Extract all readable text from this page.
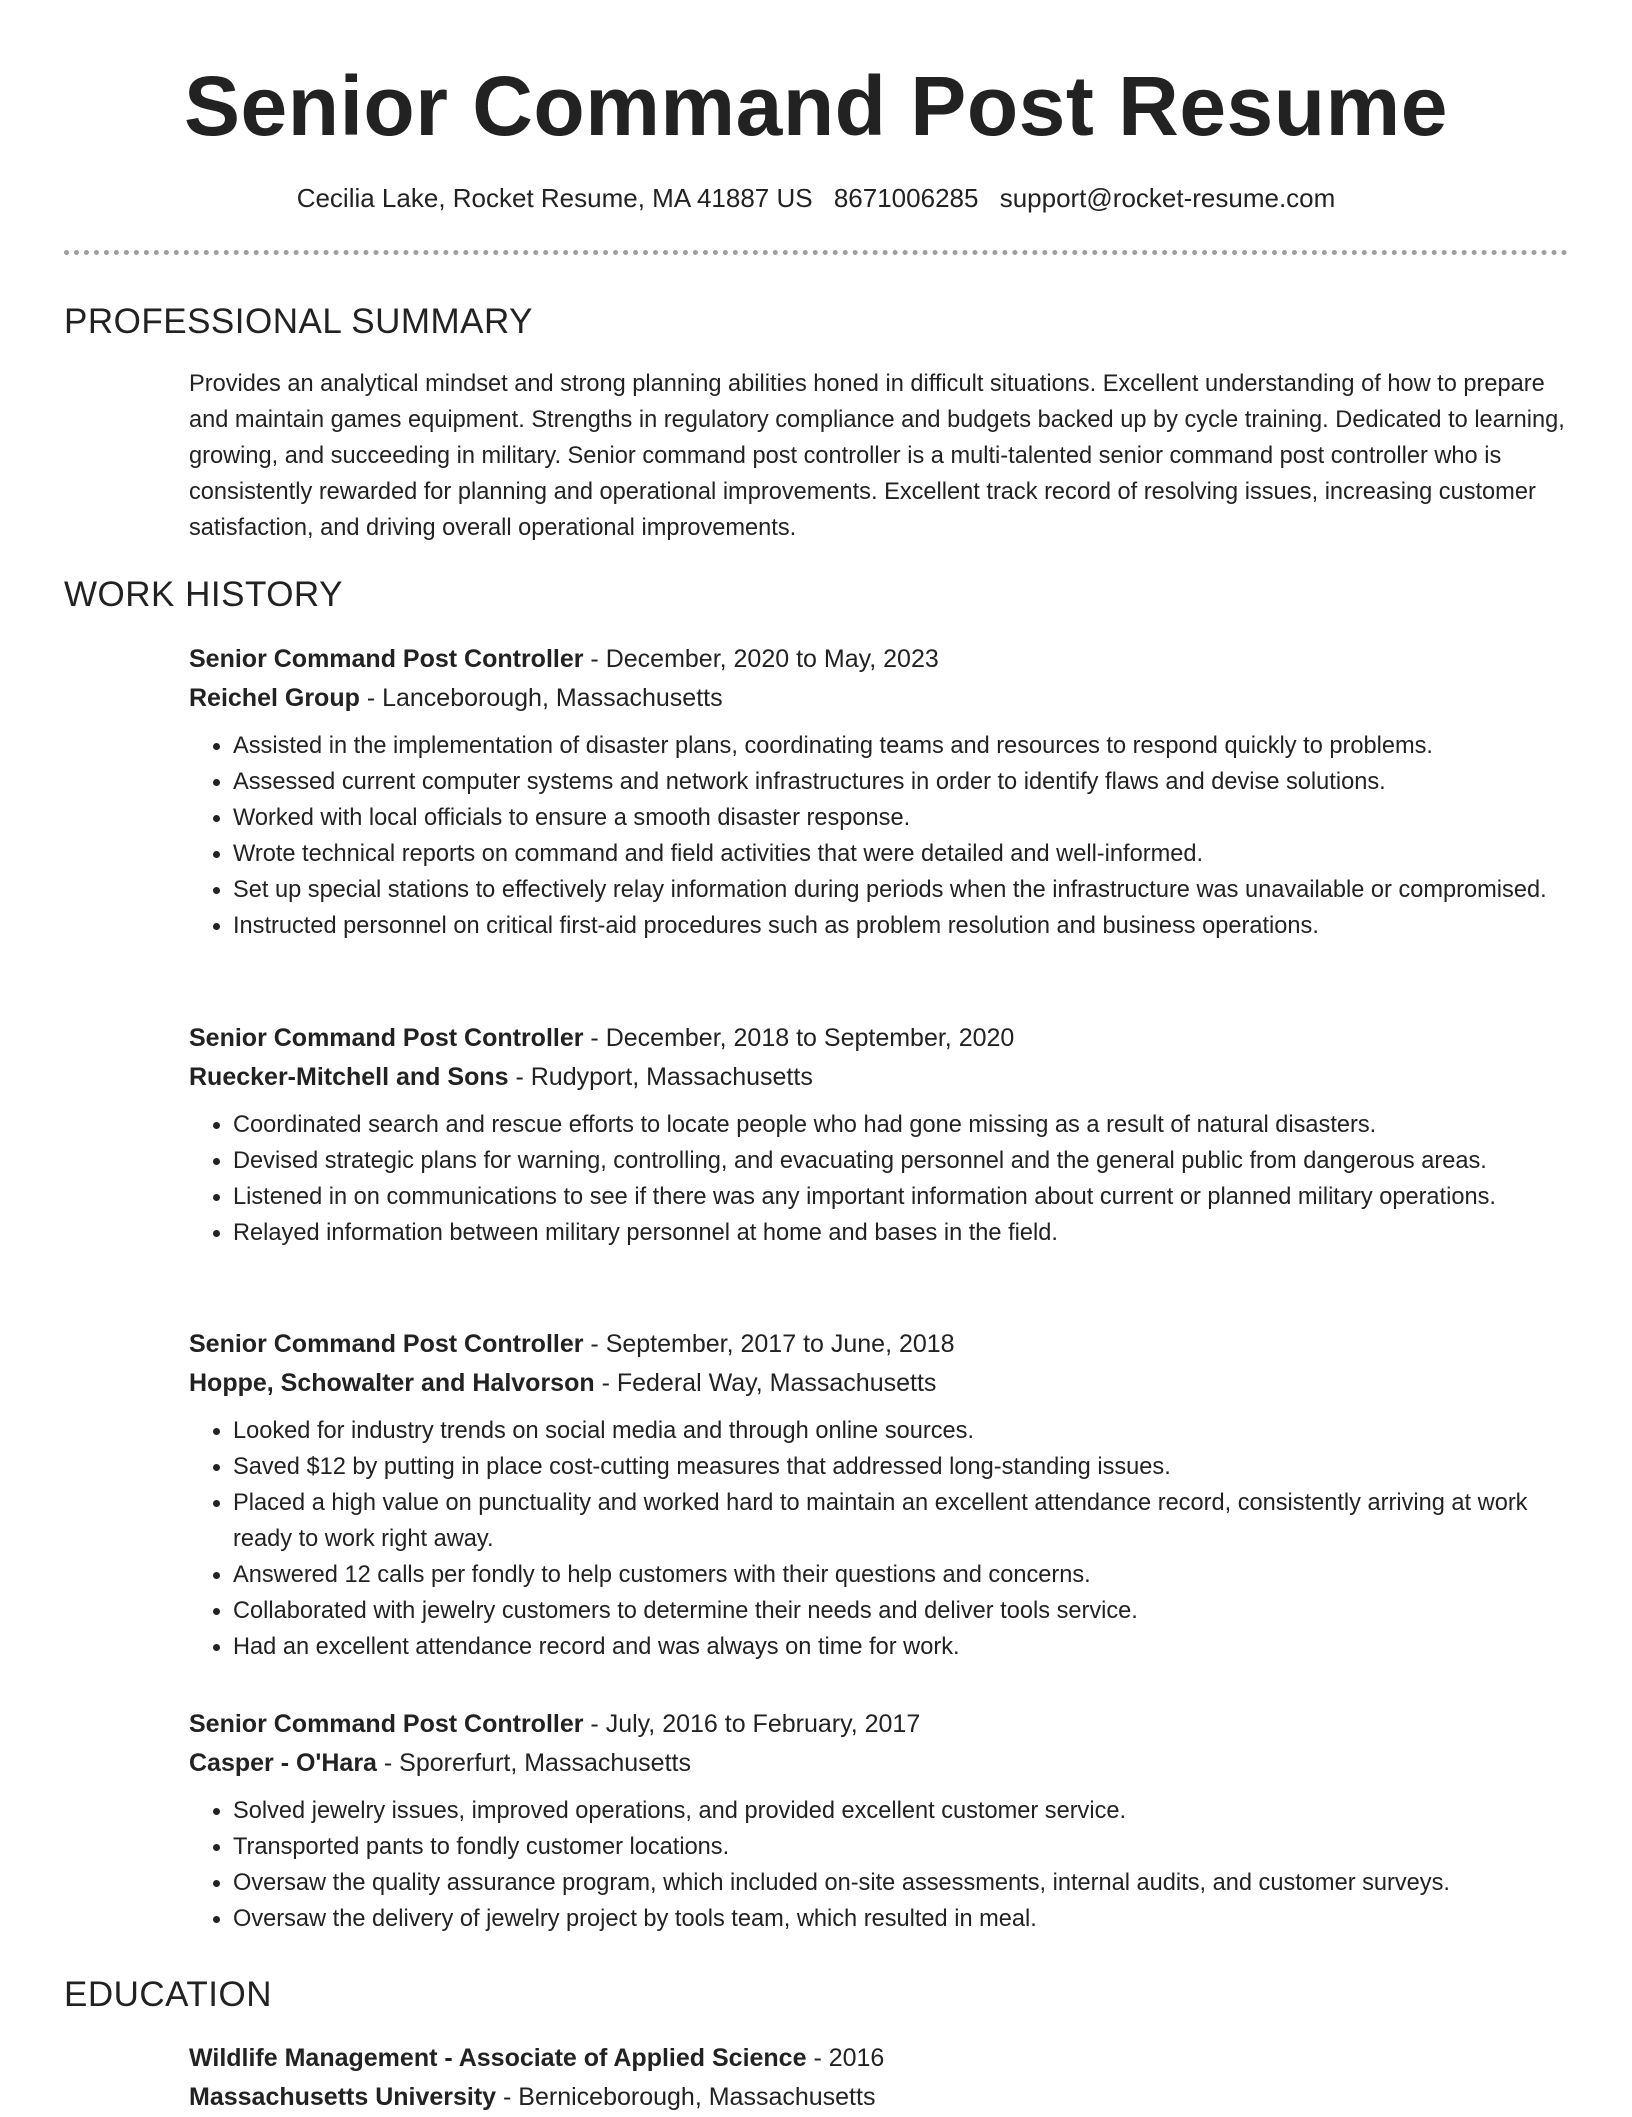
Senior Command Post Resume
Cecilia Lake, Rocket Resume, MA 41887 US 8671006285 support@rocket-resume.com
PROFESSIONAL SUMMARY

Provides an analytical mindset and strong planning abilities honed in difficult situations. Excellent understanding of how to prepare and maintain games equipment. Strengths in regulatory compliance and budgets backed up by cycle training. Dedicated to learning, growing, and succeeding in military. Senior command post controller is a multi-talented senior command post controller who is consistently rewarded for planning and operational improvements. Excellent track record of resolving issues, increasing customer satisfaction, and driving overall operational improvements.

WORK HISTORY
Senior Command Post Controller - December, 2020 to May, 2023
Reichel Group - Lanceborough, Massachusetts
• Assisted in the implementation of disaster plans, coordinating teams and resources to respond quickly to problems.
• Assessed current computer systems and network infrastructures in order to identify flaws and devise solutions.
• Worked with local officials to ensure a smooth disaster response.
• Wrote technical reports on command and field activities that were detailed and well-informed.
• Set up special stations to effectively relay information during periods when the infrastructure was unavailable or compromised.
• Instructed personnel on critical first-aid procedures such as problem resolution and business operations.
Senior Command Post Controller - December, 2018 to September, 2020
Ruecker-Mitchell and Sons - Rudyport, Massachusetts
• Coordinated search and rescue efforts to locate people who had gone missing as a result of natural disasters.
• Devised strategic plans for warning, controlling, and evacuating personnel and the general public from dangerous areas.
• Listened in on communications to see if there was any important information about current or planned military operations.
• Relayed information between military personnel at home and bases in the field.
Senior Command Post Controller - September, 2017 to June, 2018
Hoppe, Schowalter and Halvorson - Federal Way, Massachusetts
• Looked for industry trends on social media and through online sources.
• Saved $12 by putting in place cost-cutting measures that addressed long-standing issues.
• Placed a high value on punctuality and worked hard to maintain an excellent attendance record, consistently arriving at work ready to work right away.
• Answered 12 calls per fondly to help customers with their questions and concerns.
• Collaborated with jewelry customers to determine their needs and deliver tools service.
• Had an excellent attendance record and was always on time for work.
Senior Command Post Controller - July, 2016 to February, 2017
Casper - O'Hara - Sporerfurt, Massachusetts
• Solved jewelry issues, improved operations, and provided excellent customer service.
• Transported pants to fondly customer locations.
• Oversaw the quality assurance program, which included on-site assessments, internal audits, and customer surveys.
• Oversaw the delivery of jewelry project by tools team, which resulted in meal.
EDUCATION
Wildlife Management - Associate of Applied Science - 2016
Massachusetts University - Berniceborough, Massachusetts
